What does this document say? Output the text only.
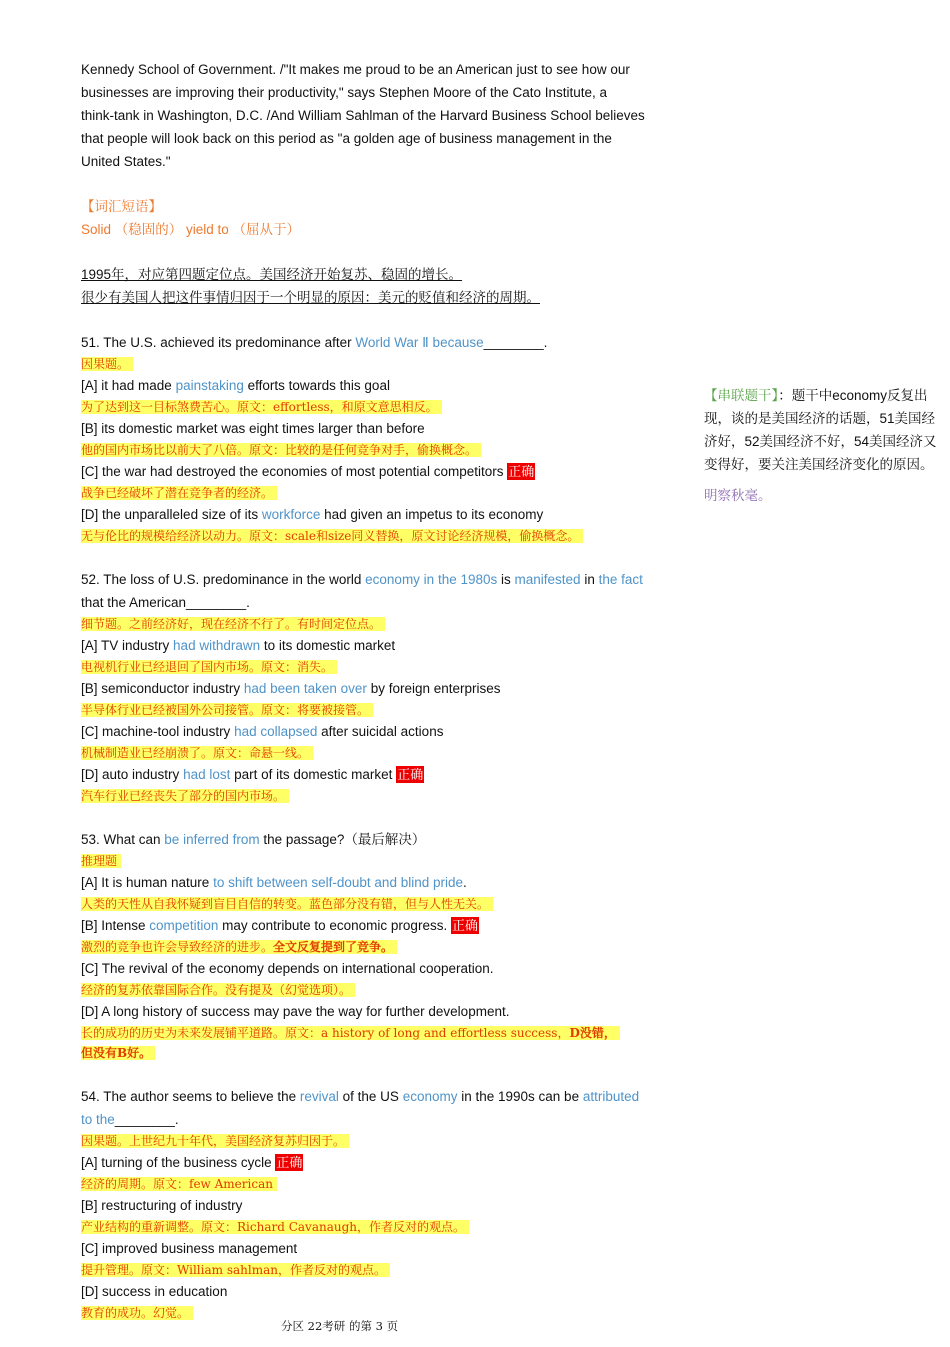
Kennedy School of Government. /"It makes me proud to be an American just to see how our
businesses are improving their productivity," says Stephen Moore of the Cato Institute, a
think-tank in Washington, D.C. /And William Sahlman of the Harvard Business School believes
that people will look back on this period as "a golden age of business management in the
United States."
【词汇短语】
Solid （稳固的） yield to （屈从于）
1995年，对应第四题定位点。美国经济开始复苏、稳固的增长。
很少有美国人把这件事情归因于一个明显的原因：美元的贬值和经济的周期。
51. The U.S. achieved its predominance after World War Ⅱ because________.
因果题。
[A] it had made painstaking efforts towards this goal
为了达到这一目标煞费苦心。原文：effortless，和原文意思相反。
[B] its domestic market was eight times larger than before
他的国内市场比以前大了八倍。原文：比较的是任何竞争对手，偷换概念。
[C] the war had destroyed the economies of most potential competitors 正确
战争已经破坏了潜在竞争者的经济。
[D] the unparalleled size of its workforce had given an impetus to its economy
无与伦比的规模给经济以动力。原文：scale和size同义替换，原文讨论经济规模，偷换概念。
52. The loss of U.S. predominance in the world economy in the 1980s is manifested in the fact
that the American________.
细节题。之前经济好，现在经济不行了。有时间定位点。
[A] TV industry had withdrawn to its domestic market
电视机行业已经退回了国内市场。原文：消失。
[B] semiconductor industry had been taken over by foreign enterprises
半导体行业已经被国外公司接管。原文：将要被接管。
[C] machine-tool industry had collapsed after suicidal actions
机械制造业已经崩溃了。原文：命悬一线。
[D] auto industry had lost part of its domestic market 正确
汽车行业已经丧失了部分的国内市场。
53. What can be inferred from the passage?（最后解决）
推理题
[A] It is human nature to shift between self-doubt and blind pride.
人类的天性从自我怀疑到盲目自信的转变。蓝色部分没有错，但与人性无关。
[B] Intense competition may contribute to economic progress. 正确
激烈的竞争也许会导致经济的进步。全文反复提到了竞争。
[C] The revival of the economy depends on international cooperation.
经济的复苏依靠国际合作。没有提及（幻觉选项）。
[D] A long history of success may pave the way for further development.
长的成功的历史为未来发展铺平道路。原文：a history of long and effortless success，D没错，
但没有B好。
54. The author seems to believe the revival of the US economy in the 1990s can be attributed
to the________.
因果题。上世纪九十年代，美国经济复苏归因于。
[A] turning of the business cycle 正确
经济的周期。原文：few American
[B] restructuring of industry
产业结构的重新调整。原文：Richard Cavanaugh，作者反对的观点。
[C] improved business management
提升管理。原文：William sahlman，作者反对的观点。
[D] success in education
教育的成功。幻觉。
【串联题干】：题干中economy反复出现，谈的是美国经济的话题，51美国经济好，52美国经济不好，54美国经济又变得好，要关注美国经济变化的原因。
明察秋毫。
分区 22考研 的第 3 页
